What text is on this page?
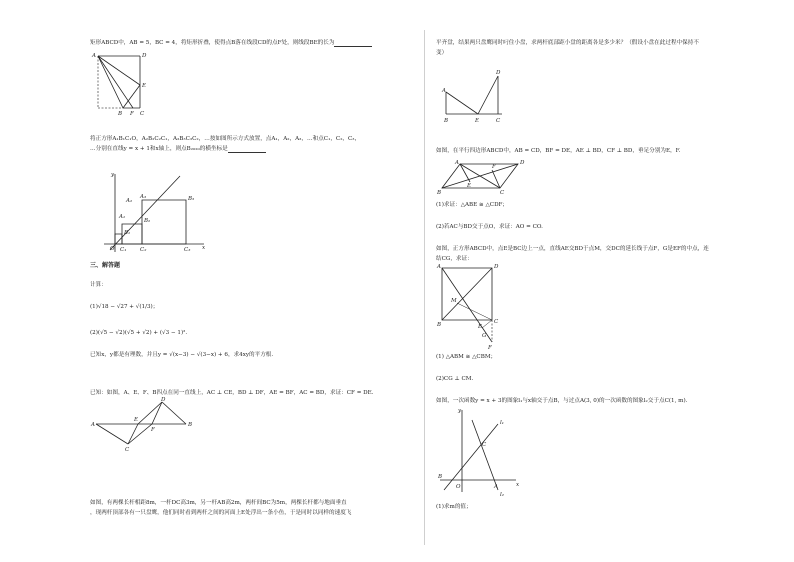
矩形ABCD中，AB = 5，BC = 4，将矩形折叠，使得点B落在线段CD的点F处，则线段BE的长为
A	D
E
B F C
将正方形A₁B₁C₁O，A₂B₂C₂C₁，A₃B₃C₃C₂，…按如图所示方式放置，点A₁，A₂，A₃，…和点C₁，C₂，C₃，
…分别在直线y = x + 1和x轴上，则点B₂₀₂₀的横坐标是
y
x
O
A₁
A₂
A₃
B₁
B₂
B₃
C₁ C₂	C₃
三、解答题
计算：
(1)√18 − √27 + √(1/3)；
(2)(√5 − √2)(√5 + √2) + (√3 − 1)².
已知x，y都是有理数，并且y = √(x−3) − √(3−x) + 6，求4xy的平方根.
已知：如图，A、E、F、B四点在同一直线上，AC ⊥ CE，BD ⊥ DF，AE = BF，AC = BD，求证：CF = DE.
A
E
F
B
C
D
如图，有两棵长杆相距8m，一杆DC高3m，另一杆AB高2m，两杆间BC为5m，两棵长杆都与地面垂直
，现两杆顶部各有一只盘鹰，他们同时看到两杆之间的河面上E处浮出一条小鱼，于是同时以同样的速度飞
平齐盘，结果两只盘鹰同时叼住小盘，求两杆底部距小盘的距离各是多少米？（假设小盘在此过程中保持不
变）
A
B	E	C
D
如图，在平行四边形ABCD中，AB = CD，BF = DE，AE ⊥ BD，CF ⊥ BD，垂足分别为E，F.
A	D
B	C
E
F
(1)求证：△ABE ≅ △CDF；
(2)若AC与BD交于点O，求证：AO = CO.
如图，正方形ABCD中，点E是BC边上一点，直线AE交BD于点M，交DC的延长线于点F，G是EF的中点，连
结CG，求证：
A	D
B	C
E
F
G
M
(1) △ABM ≅ △CBM；
(2)CG ⊥ CM.
如图，一次函数y = x + 3的图象l₁与x轴交于点B，与过点A(3, 0)的一次函数的图象l₂交于点C(1, m).
y
x
O
B
C
A
l₁
l₂
(1)求m的值；
